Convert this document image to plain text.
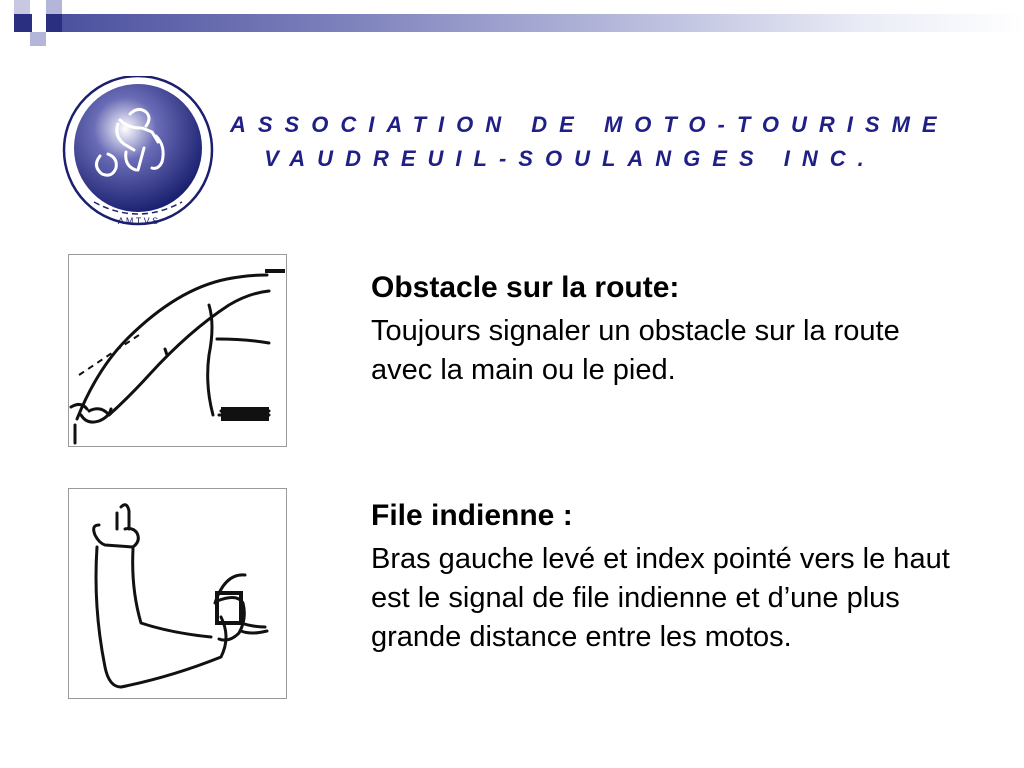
A M T V S
ASSOCIATION DE MOTO-TOURISME
VAUDREUIL-SOULANGES INC.

Obstacle sur la route:

Toujours signaler un obstacle sur la route avec la main ou le pied.

File indienne :

Bras gauche levé et index pointé vers le haut est le signal de file indienne et d’une plus grande distance entre les motos.
